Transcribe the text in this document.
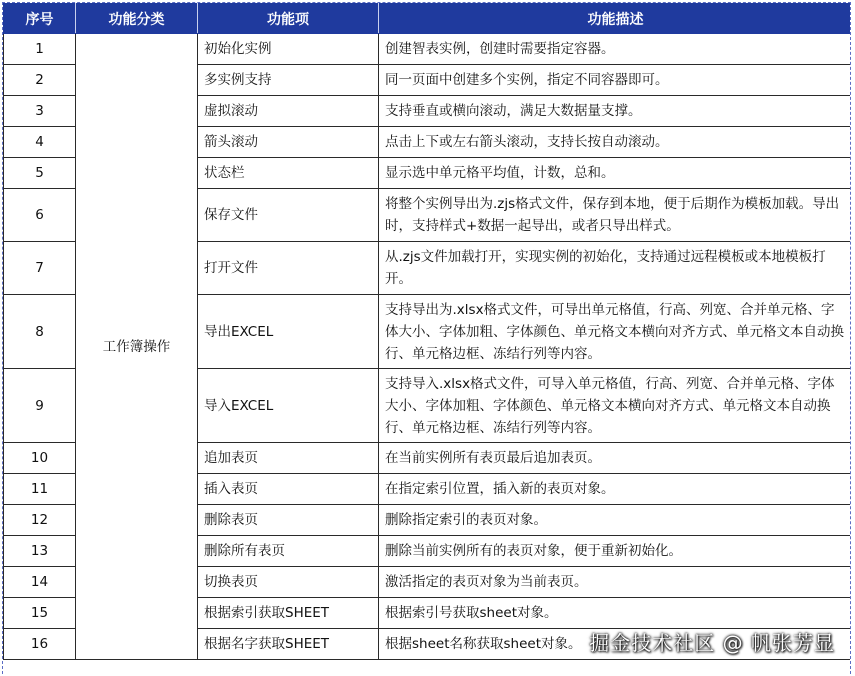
序号	功能分类	功能项	功能描述
1	工作簿操作	初始化实例	创建智表实例，创建时需要指定容器。
2		多实例支持	同一页面中创建多个实例，指定不同容器即可。
3		虚拟滚动	支持垂直或横向滚动，满足大数据量支撑。
4		箭头滚动	点击上下或左右箭头滚动，支持长按自动滚动。
5		状态栏	显示选中单元格平均值，计数，总和。
6		保存文件	将整个实例导出为.zjs格式文件，保存到本地，便于后期作为模板加载。导出时，支持样式+数据一起导出，或者只导出样式。
7		打开文件	从.zjs文件加载打开，实现实例的初始化，支持通过远程模板或本地模板打开。
8		导出EXCEL	支持导出为.xlsx格式文件，可导出单元格值，行高、列宽、合并单元格、字体大小、字体加粗、字体颜色、单元格文本横向对齐方式、单元格文本自动换行、单元格边框、冻结行列等内容。
9		导入EXCEL	支持导入.xlsx格式文件，可导入单元格值，行高、列宽、合并单元格、字体大小、字体加粗、字体颜色、单元格文本横向对齐方式、单元格文本自动换行、单元格边框、冻结行列等内容。
10		追加表页	在当前实例所有表页最后追加表页。
11		插入表页	在指定索引位置，插入新的表页对象。
12		删除表页	删除指定索引的表页对象。
13		删除所有表页	删除当前实例所有的表页对象，便于重新初始化。
14		切换表页	激活指定的表页对象为当前表页。
15		根据索引获取SHEET	根据索引号获取sheet对象。
16		根据名字获取SHEET	根据sheet名称获取sheet对象。 掘金技术社区 @ 帆张芳显
